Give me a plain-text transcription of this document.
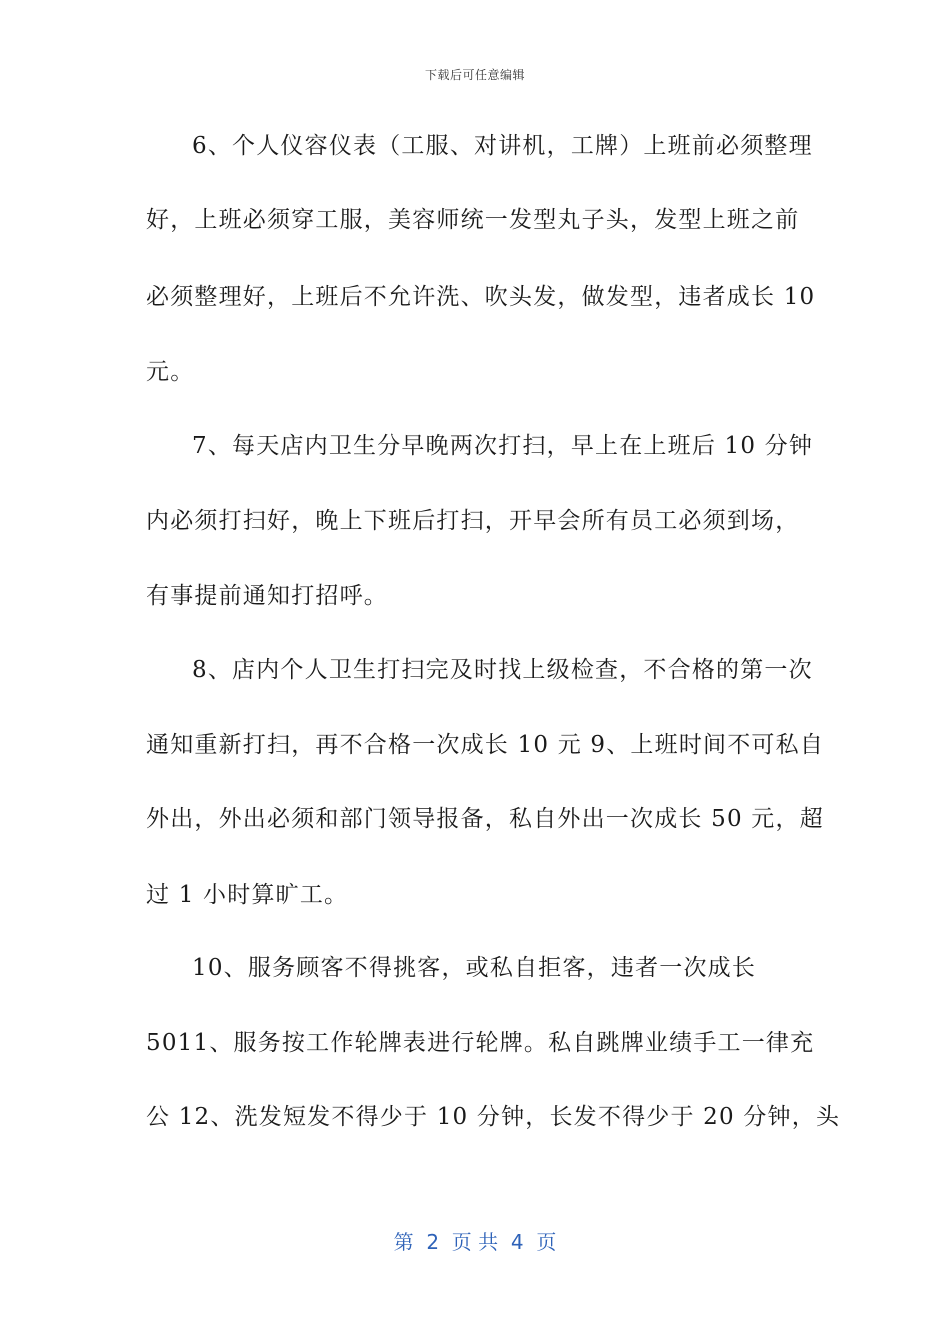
下载后可任意编辑
6、个人仪容仪表（工服、对讲机，工牌）上班前必须整理
好，上班必须穿工服，美容师统一发型丸子头，发型上班之前
必须整理好，上班后不允许洗、吹头发，做发型，违者成长 10
元。
7、每天店内卫生分早晚两次打扫，早上在上班后 10 分钟
内必须打扫好，晚上下班后打扫，开早会所有员工必须到场，
有事提前通知打招呼。
8、店内个人卫生打扫完及时找上级检查，不合格的第一次
通知重新打扫，再不合格一次成长 10 元 9、上班时间不可私自
外出，外出必须和部门领导报备，私自外出一次成长 50 元，超
过 1 小时算旷工。
10、服务顾客不得挑客，或私自拒客，违者一次成长
5011、服务按工作轮牌表进行轮牌。私自跳牌业绩手工一律充
公 12、洗发短发不得少于 10 分钟，长发不得少于 20 分钟，头
第  2  页 共  4  页
